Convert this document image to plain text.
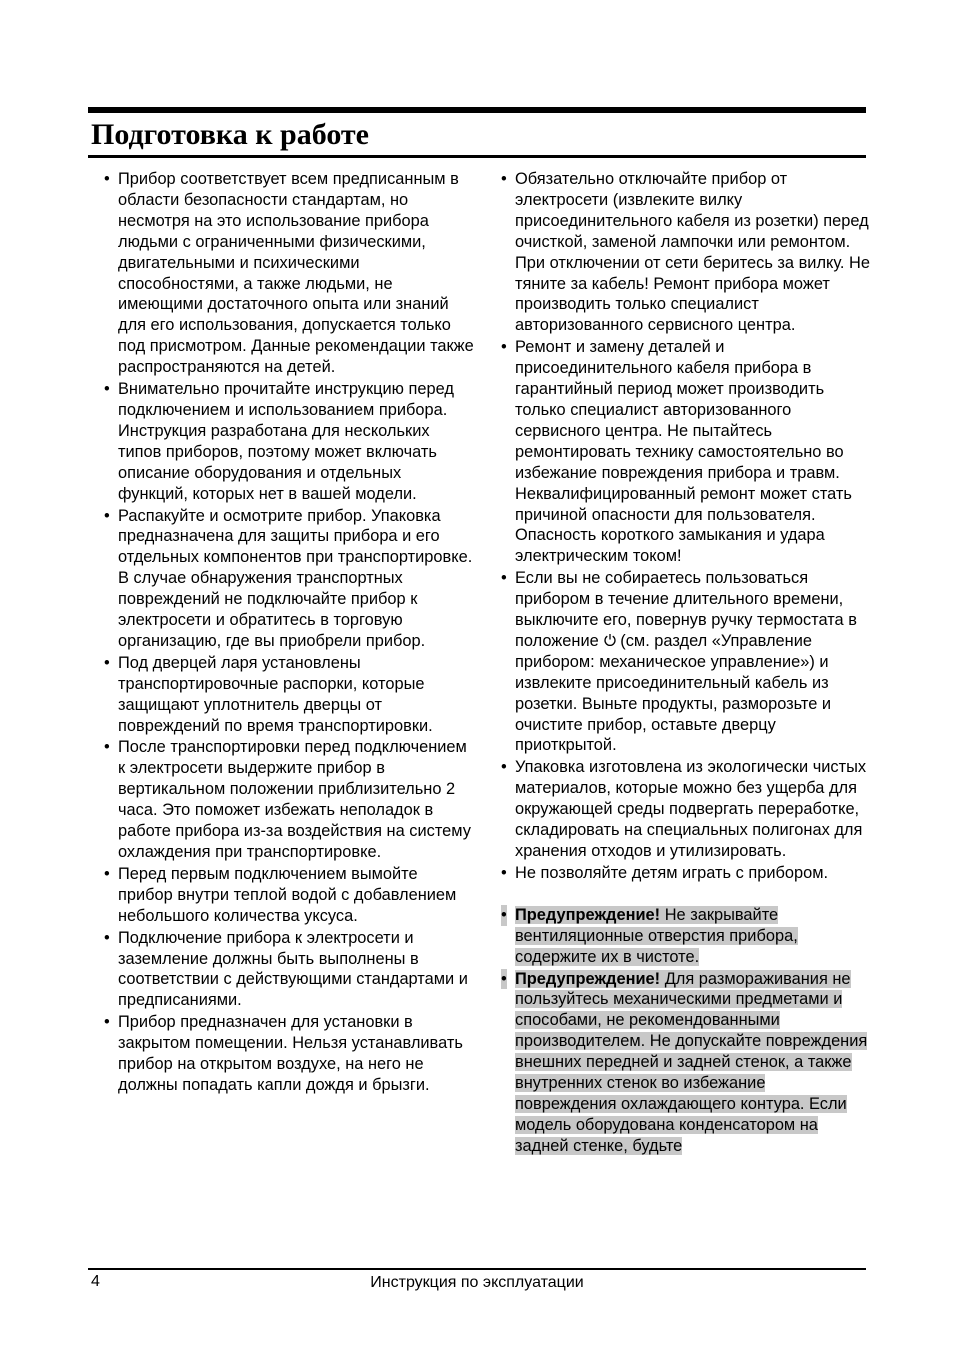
Подготовка к работе
• Прибор соответствует всем предписанным в области безопасности стандартам, но несмотря на это использование прибора людьми с ограниченными физическими, двигательными и психическими способностями, а также людьми, не имеющими достаточного опыта или знаний для его использования, допускается только под присмотром. Данные рекомендации также распространяются на детей.
• Внимательно прочитайте инструкцию перед подключением и использованием прибора. Инструкция разработана для нескольких типов приборов, поэтому может включать описание оборудования и отдельных функций, которых нет в вашей модели.
• Распакуйте и осмотрите прибор. Упаковка предназначена для защиты прибора и его отдельных компонентов при транспортировке. В случае обнаружения транспортных повреждений не подключайте прибор к электросети и обратитесь в торговую организацию, где вы приобрели прибор.
• Под дверцей ларя установлены транспортировочные распорки, которые защищают уплотнитель дверцы от повреждений по время транспортировки.
• После транспортировки перед подключением к электросети выдержите прибор в вертикальном положении приблизительно 2 часа. Это поможет избежать неполадок в работе прибора из-за воздействия на систему охлаждения при транспортировке.
• Перед первым подключением вымойте прибор внутри теплой водой с добавлением небольшого количества уксуса.
• Подключение прибора к электросети и заземление должны быть выполнены в соответствии с действующими стандартами и предписаниями.
• Прибор предназначен для установки в закрытом помещении. Нельзя устанавливать прибор на открытом воздухе, на него не должны попадать капли дождя и брызги.
• Обязательно отключайте прибор от электросети (извлеките вилку присоединительного кабеля из розетки) перед очисткой, заменой лампочки или ремонтом. При отключении от сети беритесь за вилку. Не тяните за кабель! Ремонт прибора может производить только специалист авторизованного сервисного центра.
• Ремонт и замену деталей и присоединительного кабеля прибора в гарантийный период может производить только специалист авторизованного сервисного центра. Не пытайтесь ремонтировать технику самостоятельно во избежание повреждения прибора и травм. Неквалифицированный ремонт может стать причиной опасности для пользователя. Опасность короткого замыкания и удара электрическим током!
• Если вы не собираетесь пользоваться прибором в течение длительного времени, выключите его, повернув ручку термостата в положение (см. раздел «Управление прибором: механическое управление») и извлеките присоединительный кабель из розетки. Выньте продукты, разморозьте и очистите прибор, оставьте дверцу приоткрытой.
• Упаковка изготовлена из экологически чистых материалов, которые можно без ущерба для окружающей среды подвергать переработке, складировать на специальных полигонах для хранения отходов и утилизировать.
• Не позволяйте детям играть с прибором.
• Предупреждение! Не закрывайте вентиляционные отверстия прибора, содержите их в чистоте.
• Предупреждение! Для размораживания не пользуйтесь механическими предметами и способами, не рекомендованными производителем. Не допускайте повреждения внешних передней и задней стенок, а также внутренних стенок во избежание повреждения охлаждающего контура. Если модель оборудована конденсатором на задней стенке, будьте
4	Инструкция по эксплуатации
